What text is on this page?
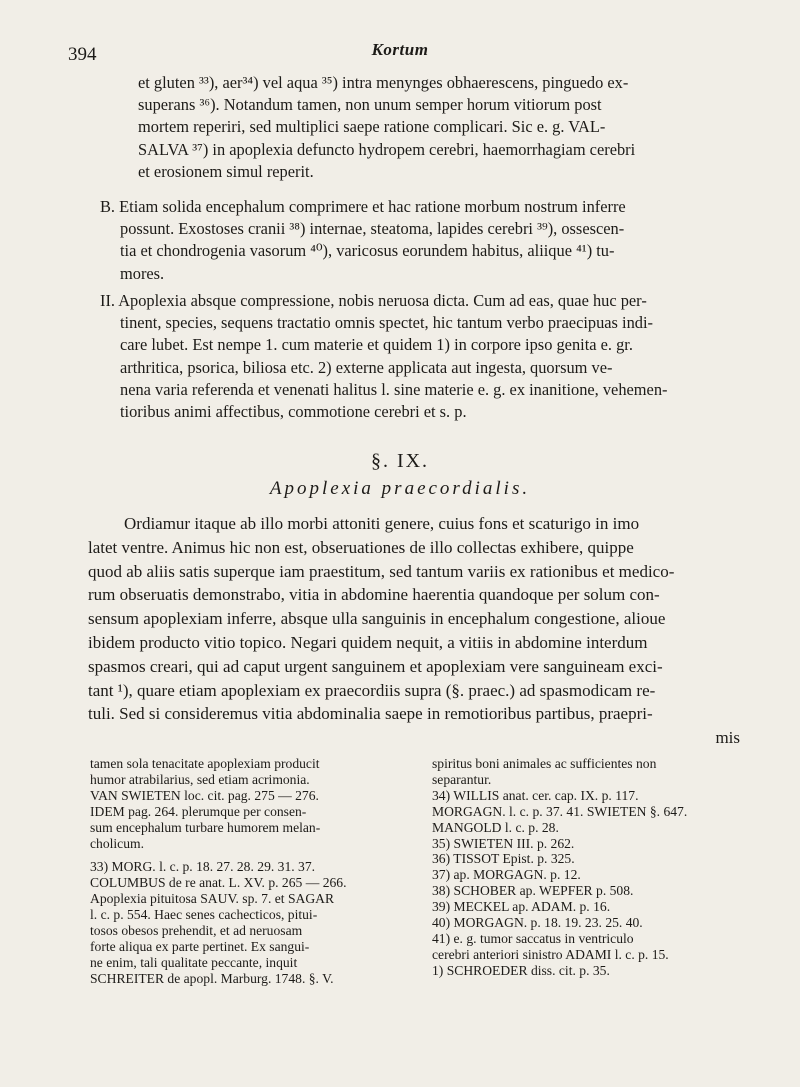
394	Kortum
et gluten ³³), aer³⁴) vel aqua ³⁵) intra menynges obhaerescens, pinguedo ex-
superans ³⁶). Notandum tamen, non unum semper horum vitiorum post
mortem reperiri, sed multiplici saepe ratione complicari. Sic e. g. VAL-
SALVA ³⁷) in apoplexia defuncto hydropem cerebri, haemorrhagiam cerebri
et erosionem simul reperit.
B. Etiam solida encephalum comprimere et hac ratione morbum nostrum inferre
possunt. Exostoses cranii ³⁸) internae, steatoma, lapides cerebri ³⁹), ossescen-
tia et chondrogenia vasorum ⁴⁰), varicosus eorundem habitus, aliique ⁴¹) tu-
mores.
II. Apoplexia absque compressione, nobis neruosa dicta. Cum ad eas, quae huc per-
tinent, species, sequens tractatio omnis spectet, hic tantum verbo praecipuas indi-
care lubet. Est nempe 1. cum materie et quidem 1) in corpore ipso genita e. gr.
arthritica, psorica, biliosa etc. 2) externe applicata aut ingesta, quorsum ve-
nena varia referenda et venenati halitus l. sine materie e. g. ex inanitione, vehemen-
tioribus animi affectibus, commotione cerebri et s. p.
§. IX.
Apoplexia praecordialis.
Ordiamur itaque ab illo morbi attoniti genere, cuius fons et scaturigo in imo
latet ventre. Animus hic non est, obseruationes de illo collectas exhibere, quippe
quod ab aliis satis superque iam praestitum, sed tantum variis ex rationibus et medico-
rum obseruatis demonstrabo, vitia in abdomine haerentia quandoque per solum con-
sensum apoplexiam inferre, absque ulla sanguinis in encephalum congestione, alioue
ibidem producto vitio topico. Negari quidem nequit, a vitiis in abdomine interdum
spasmos creari, qui ad caput urgent sanguinem et apoplexiam vere sanguineam exci-
tant ¹), quare etiam apoplexiam ex praecordiis supra (§. praec.) ad spasmodicam re-
tuli. Sed si consideremus vitia abdominalia saepe in remotioribus partibus, praepri-
mis
tamen sola tenacitate apoplexiam producit
humor atrabilarius, sed etiam acrimonia.
VAN SWIETEN loc. cit. pag. 275 — 276.
IDEM pag. 264. plerumque per consen-
sum encephalum turbare humorem melan-
cholicum.
33) MORG. l. c. p. 18. 27. 28. 29. 31. 37.
COLUMBUS de re anat. L. XV. p. 265 — 266.
Apoplexia pituitosa SAUV. sp. 7. et SAGAR
l. c. p. 554. Haec senes cachecticos, pitui-
tosos obesos prehendit, et ad neruosam
forte aliqua ex parte pertinet. Ex sangui-
ne enim, tali qualitate peccante, inquit
SCHREITER de apopl. Marburg. 1748. §. V.
spiritus boni animales ac sufficientes non
separantur.
34) WILLIS anat. cer. cap. IX. p. 117.
MORGAGN. l. c. p. 37. 41. SWIETEN §. 647.
MANGOLD l. c. p. 28.
35) SWIETEN III. p. 262.
36) TISSOT Epist. p. 325.
37) ap. MORGAGN. p. 12.
38) SCHOBER ap. WEPFER p. 508.
39) MECKEL ap. ADAM. p. 16.
40) MORGAGN. p. 18. 19. 23. 25. 40.
41) e. g. tumor saccatus in ventriculo
cerebri anteriori sinistro ADAMI l. c. p. 15.
1) SCHROEDER diss. cit. p. 35.
